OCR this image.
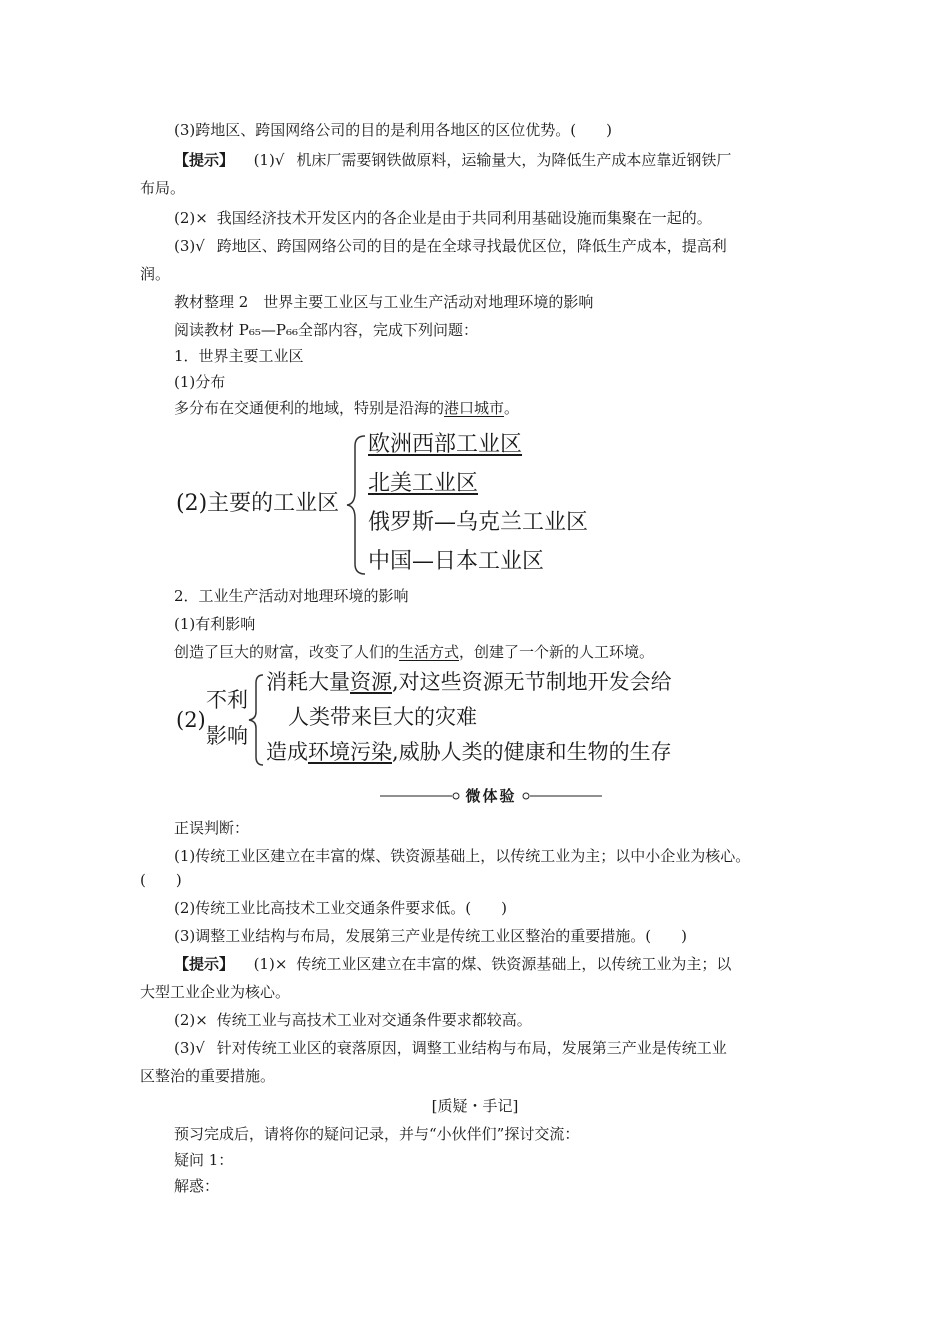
(3)跨地区、跨国网络公司的目的是利用各地区的区位优势。(　　)
【提示】 (1)√ 机床厂需要钢铁做原料，运输量大，为降低生产成本应靠近钢铁厂
布局。
(2)× 我国经济技术开发区内的各企业是由于共同利用基础设施而集聚在一起的。
(3)√ 跨地区、跨国网络公司的目的是在全球寻找最优区位，降低生产成本，提高利
润。
教材整理 2　世界主要工业区与工业生产活动对地理环境的影响
阅读教材 P₆₅—P₆₆全部内容，完成下列问题：
1．世界主要工业区
(1)分布
多分布在交通便利的地域，特别是沿海的港口城市。
(2)主要的工业区
欧洲西部工业区
北美工业区
俄罗斯—乌克兰工业区
中国—日本工业区
2．工业生产活动对地理环境的影响
(1)有利影响
创造了巨大的财富，改变了人们的生活方式，创建了一个新的人工环境。
(2)
不利
影响
消耗大量资源,对这些资源无节制地开发会给
人类带来巨大的灾难
造成环境污染,威胁人类的健康和生物的生存
微体验
正误判断：
(1)传统工业区建立在丰富的煤、铁资源基础上，以传统工业为主；以中小企业为核心。
(　　)
(2)传统工业比高技术工业交通条件要求低。(　　)
(3)调整工业结构与布局，发展第三产业是传统工业区整治的重要措施。(　　)
【提示】 (1)× 传统工业区建立在丰富的煤、铁资源基础上，以传统工业为主；以
大型工业企业为核心。
(2)× 传统工业与高技术工业对交通条件要求都较高。
(3)√ 针对传统工业区的衰落原因，调整工业结构与布局，发展第三产业是传统工业
区整治的重要措施。
[质疑・手记]
预习完成后，请将你的疑问记录，并与“小伙伴们”探讨交流：
疑问 1：
解惑：
